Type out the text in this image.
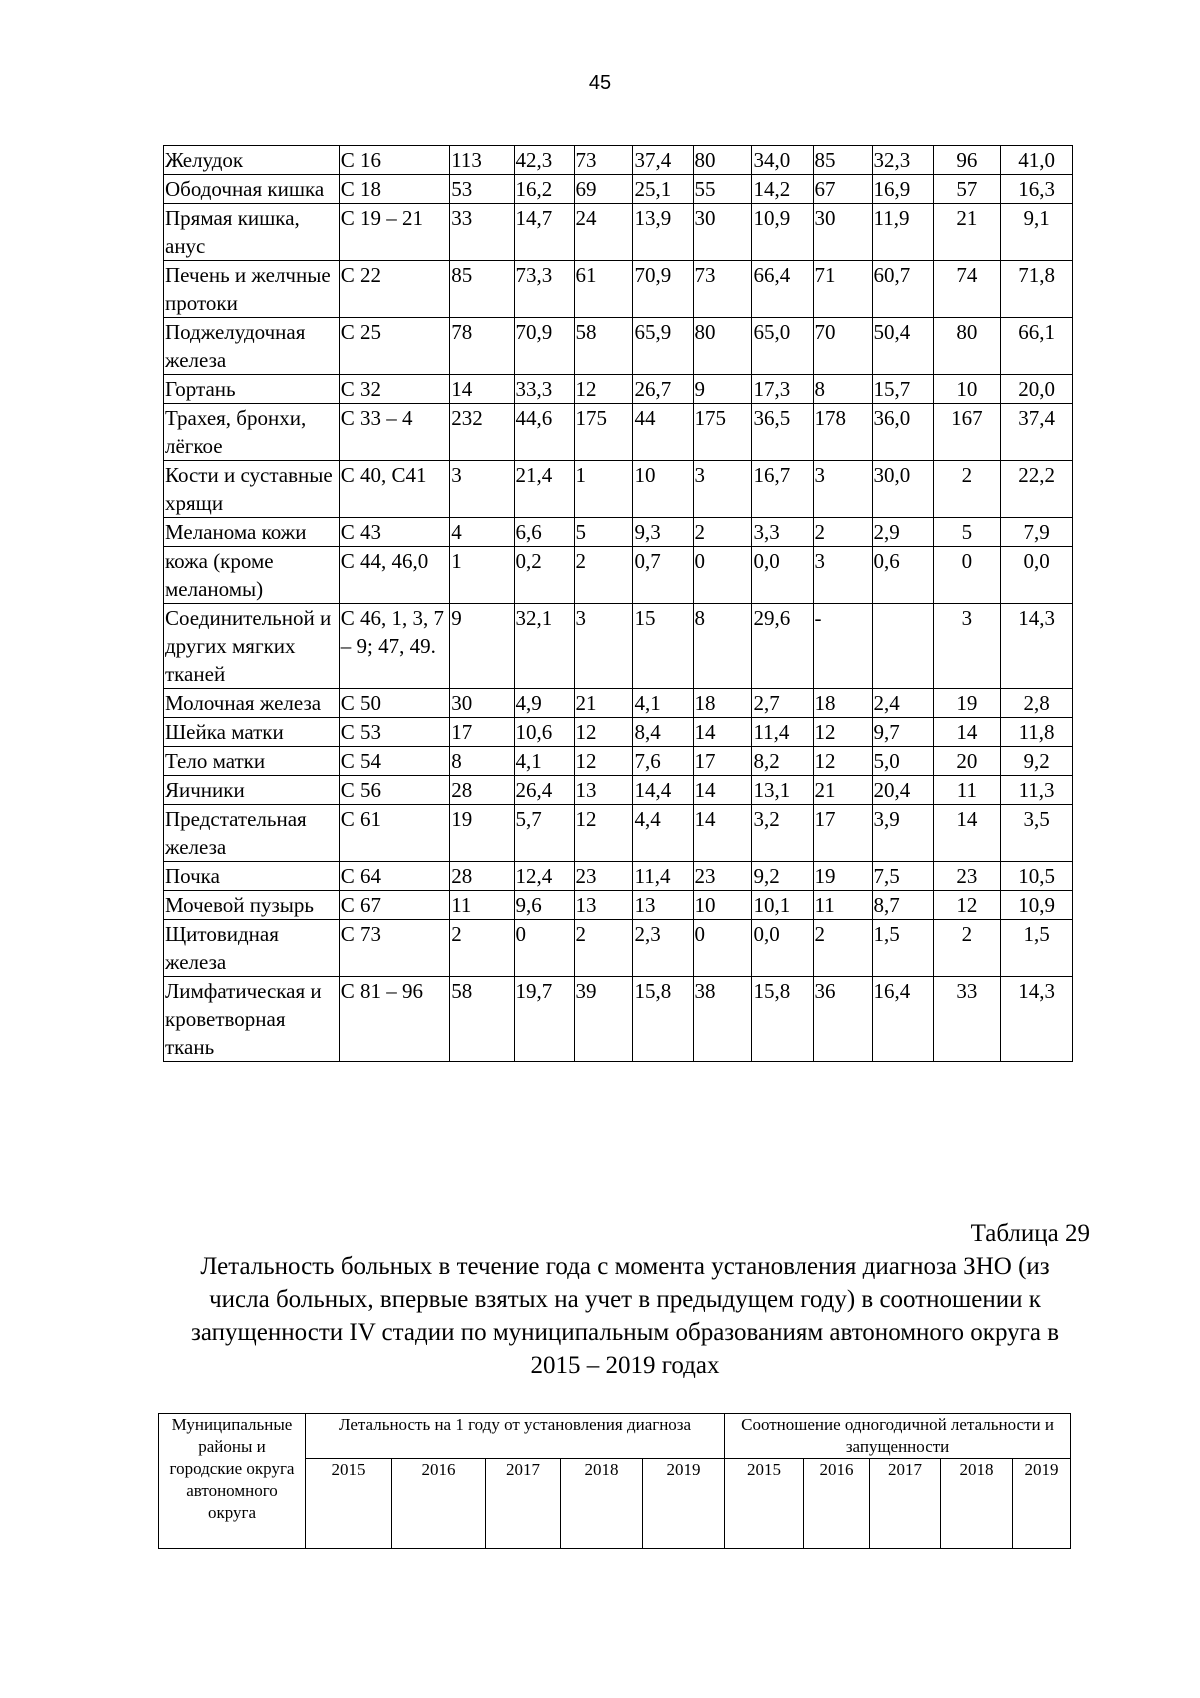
45
Желудок	С 16	113	42,3	73	37,4	80	34,0	85	32,3	96	41,0
Ободочная кишка	С 18	53	16,2	69	25,1	55	14,2	67	16,9	57	16,3
Прямая кишка, анус	С 19 – 21	33	14,7	24	13,9	30	10,9	30	11,9	21	9,1
Печень и желчные протоки	С 22	85	73,3	61	70,9	73	66,4	71	60,7	74	71,8
Поджелудочная железа	С 25	78	70,9	58	65,9	80	65,0	70	50,4	80	66,1
Гортань	С 32	14	33,3	12	26,7	9	17,3	8	15,7	10	20,0
Трахея, бронхи, лёгкое	С 33 – 4	232	44,6	175	44	175	36,5	178	36,0	167	37,4
Кости и суставные хрящи	С 40, С41	3	21,4	1	10	3	16,7	3	30,0	2	22,2
Меланома кожи	С 43	4	6,6	5	9,3	2	3,3	2	2,9	5	7,9
кожа (кроме меланомы)	С 44, 46,0	1	0,2	2	0,7	0	0,0	3	0,6	0	0,0
Соединительной и других мягких тканей	С 46, 1, 3, 7 – 9; 47, 49.	9	32,1	3	15	8	29,6	-		3	14,3
Молочная железа	С 50	30	4,9	21	4,1	18	2,7	18	2,4	19	2,8
Шейка матки	С 53	17	10,6	12	8,4	14	11,4	12	9,7	14	11,8
Тело матки	С 54	8	4,1	12	7,6	17	8,2	12	5,0	20	9,2
Яичники	С 56	28	26,4	13	14,4	14	13,1	21	20,4	11	11,3
Предстательная железа	С 61	19	5,7	12	4,4	14	3,2	17	3,9	14	3,5
Почка	С 64	28	12,4	23	11,4	23	9,2	19	7,5	23	10,5
Мочевой пузырь	С 67	11	9,6	13	13	10	10,1	11	8,7	12	10,9
Щитовидная железа	С 73	2	0	2	2,3	0	0,0	2	1,5	2	1,5
Лимфатическая и кроветворная ткань	С 81 – 96	58	19,7	39	15,8	38	15,8	36	16,4	33	14,3
Таблица 29
Летальность больных в течение года с момента установления диагноза ЗНО (из числа больных, впервые взятых на учет в предыдущем году) в соотношении к запущенности IV стадии по муниципальным образованиям автономного округа в 2015 – 2019 годах
Муниципальные районы и городские округа автономного округа	Летальность на 1 году от установления диагноза					Соотношение одногодичной летальности и запущенности				
	2015	2016	2017	2018	2019	2015	2016	2017	2018	2019
